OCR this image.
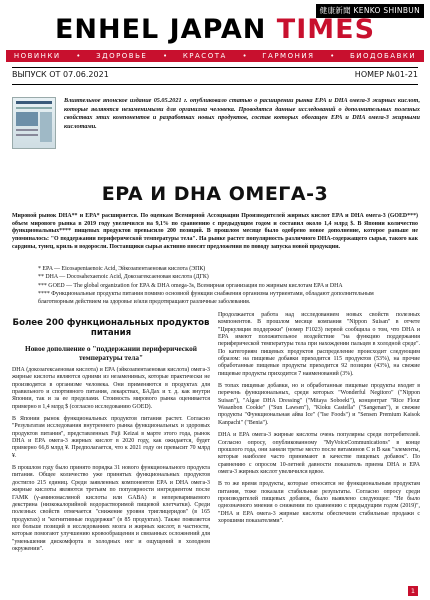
健康新聞 KENKO SHINBUN
ENHEL JAPAN TIMES
НОВИНКИ • ЗДОРОВЬЕ • КРАСОТА • ГАРМОНИЯ • БИОДОБАВКИ
ВЫПУСК ОТ 07.06.2021	НОМЕР №01-21
Влиятельное японское издание 05.05.2021 г. опубликовало статью о расширении рынка EPA и DHA омега-3 жирных кислот, которые являются незаменимыми для организма человека. Проводятся данные исследований о дополнительных полезных свойствах этих компонентов и разработках новых продуктов, состав которых обогащен EPA и DHA омега-3 жирными кислотами.
EPA И DHA ОМЕГА-3
Мировой рынок DHA** и EPA* расширяется. По оценкам Всемирной Ассоциации Производителей жирных кислот EPA и DHA омега-3 (GOED***) объем мирового рынка в 2019 году увеличился на 9,1% по сравнению с предыдущим годом и составил около 1,4 млрд $. В Японии количество функциональных**** пищевых продуктов превысило 200 позиций. В прошлом месяце было одобрено новое дополнение, которое раньше не упоминалось: "О поддержании периферической температуры тела". На рынке растет популярность различного DHA-содержащего сырья, такого как сардины, тунец, криль и водоросли. Поставщики сырья активно вносят предложения по поводу запуска новой продукции.
* EPA — Eicosapentaenoic Acid, Эйкозапентаеновая кислота (ЭПК)
** DHA — Docosahexaenoic Acid, Докозагексаеновая кислота (ДГК)
*** GOED — The global organization for EPA & DHA omega-3s, Всемирная организация по жирным кислотам EPA и DHA
**** Функциональные продукты питания помимо основной функции снабжения организма нутриентами, обладают дополнительным благотворным действием на здоровье и/или предотвращают различные заболевания.
Более 200 функциональных продуктов питания
Новое дополнение о "поддержании периферической температуры тела"
DHA (докозагексаеновая кислота) и EPA (эйкозапентаеновая кислота) омега-3 жирные кислоты являются одними из незаменимых, которые практически не производятся в организме человека. Они применяются в продуктах для правильного и спортивного питания, лекарствах, БАДах и т. д. как внутри Японии, так и за ее пределами. Стоимость мирового рынка оценивается примерно в 1,4 млрд $ (согласно исследованию GOED).
В Японии рынок функциональных продуктов питания растет. Согласно "Результатам исследования внутреннего рынка функциональных и здоровых продуктов питания", представленных Fuji Keizai в марте этого года, рынок DHA и EPA омега-3 жирных кислот в 2020 году, как ожидается, будет примерно 66,8 млрд ¥. Предполагается, что к 2021 году он превысит 70 млрд ¥.
В прошлом году было принято порядка 31 нового функционального продукта питания. Общее количество уже принятых функциональных продуктов достигло 215 единиц. Среди заявленных компонентов EPA и DHA омега-3 жирные кислоты являются третьим по популярности ингредиентом после ГАМК (γ-аминомасляной кислоты или GABA) и неперевариваемого декстрина (низкокалорийной водорастворимой пищевой клетчатки). Среди полезных свойств отмечается "снижение уровня триглицеридов" (в 165 продуктах) и "когнитивные поддержки" (в 85 продуктах). Также появляется все больше позиций в исследованиях мозга и жирных кислот, в частности, которые помогают улучшению кровообращения и связанных осложнений для "уменьшения дискомфорта в холодных ног и ощущений в холодном окружении".
Продолжается работа над исследованием новых свойств полезных компонентов. В прошлом месяце компания "Nippon Suisan" в отчете "Циркуляция поддержки" (номер F1023) первой сообщила о том, что DHA и EPA имеют положительное воздействие "на функцию поддержания периферической температуры тела при нахождении пальцев в холодной среде". По категориям пищевых продуктов распределение происходит следующим образом: на пищевые добавки приходится 115 продуктов (53%), на прочие обработанные пищевые продукты приходится 92 позиции (43%), на свежие пищевые продукты приходится 7 наименований (3%).
В топах пищевые добавки, но и обработанные пищевые продукты входят в перечень функциональных, среди которых "Wonderful Negitoro" ("Nippon Suisan"), "Algae DHA Dressing" ("Mitaya Soboeki"), концентрат "Rice Flour Wasanbon Cookie" ("Sun Lawsen"), "Kioku Castella" ("Sangenan"), и свежие продукты "Функциональная айва Ice" ("Ise Foods") и "Sensen Premium Kaisok Kanpachi" ("Benia").
DHA и EPA омега-3 жирные кислоты очень популярны среди потребителей. Согласно опросу, опубликованному "MyVoiceCommunications" в конце прошлого года, они заняли третье место после витаминов С и В как "элементы, которые наиболее часто принимают в качестве пищевых добавок". По сравнению с опросом 10-летней давности показатель приема DHA и EPA омега-3 жирных кислот увеличился вдвое.
В то же время продукты, которые относятся не функциональным продуктам питания, тоже показали стабильные результаты. Согласно опросу среди производителей пищевых добавок, было выявлено следующее: "Не было однозначного мнения о снижении по сравнению с предыдущим годом (2019)", "DHA и EPA омега-3 жирные кислоты обеспечили стабильные продажи с хорошими показателями".
1
